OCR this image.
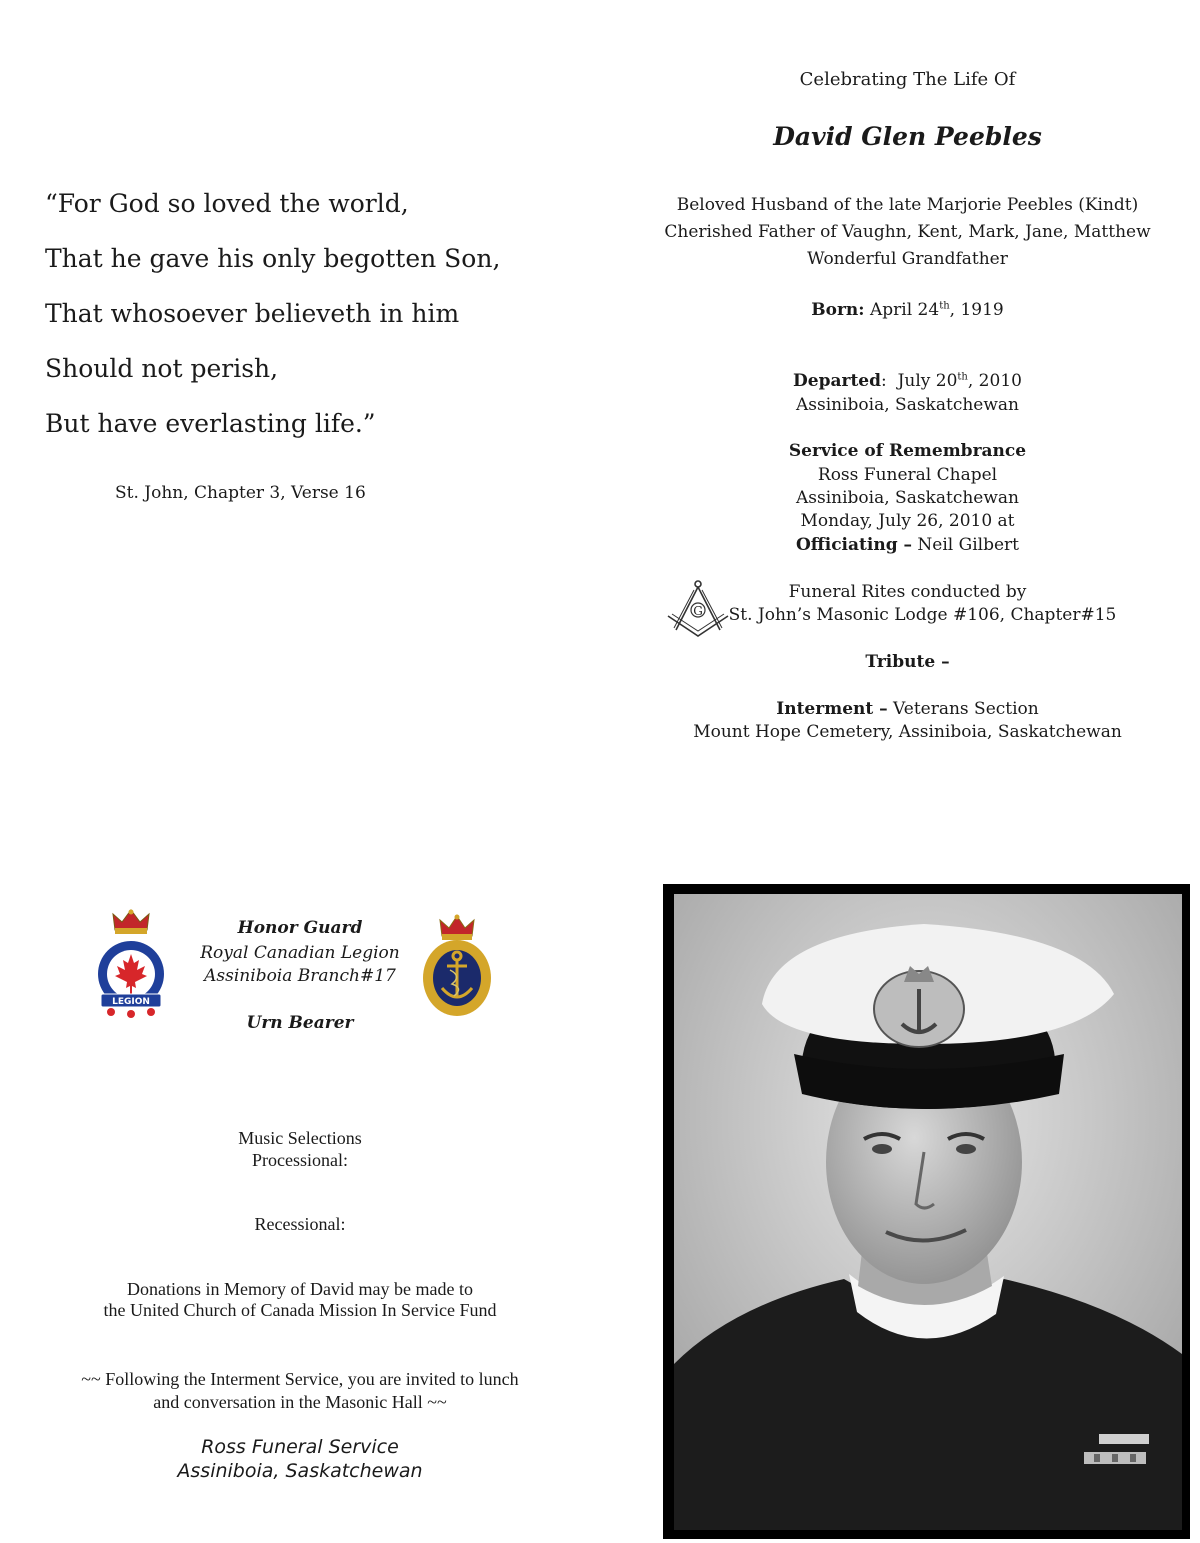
“For God so loved the world,
That he gave his only begotten Son,
That whosoever believeth in him
Should not perish,
But have everlasting life.”
St. John, Chapter 3, Verse 16
Celebrating The Life Of
David Glen Peebles
Beloved Husband of the late Marjorie Peebles (Kindt)
Cherished Father of Vaughn, Kent, Mark, Jane, Matthew
Wonderful Grandfather
Born: April 24th, 1919
Departed: July 20th, 2010
Assiniboia, Saskatchewan
Service of Remembrance
Ross Funeral Chapel
Assiniboia, Saskatchewan
Monday, July 26, 2010 at
Officiating – Neil Gilbert
Funeral Rites conducted by
St. John’s Masonic Lodge #106, Chapter#15
Tribute –
Interment – Veterans Section
Mount Hope Cemetery, Assiniboia, Saskatchewan
G
LEGION
Honor Guard
Royal Canadian Legion
Assiniboia Branch#17
Urn Bearer
Music Selections
Processional:
Recessional:
Donations in Memory of David may be made to
the United Church of Canada Mission In Service Fund
~~ Following the Interment Service, you are invited to lunch
and conversation in the Masonic Hall ~~
Ross Funeral Service
Assiniboia, Saskatchewan
